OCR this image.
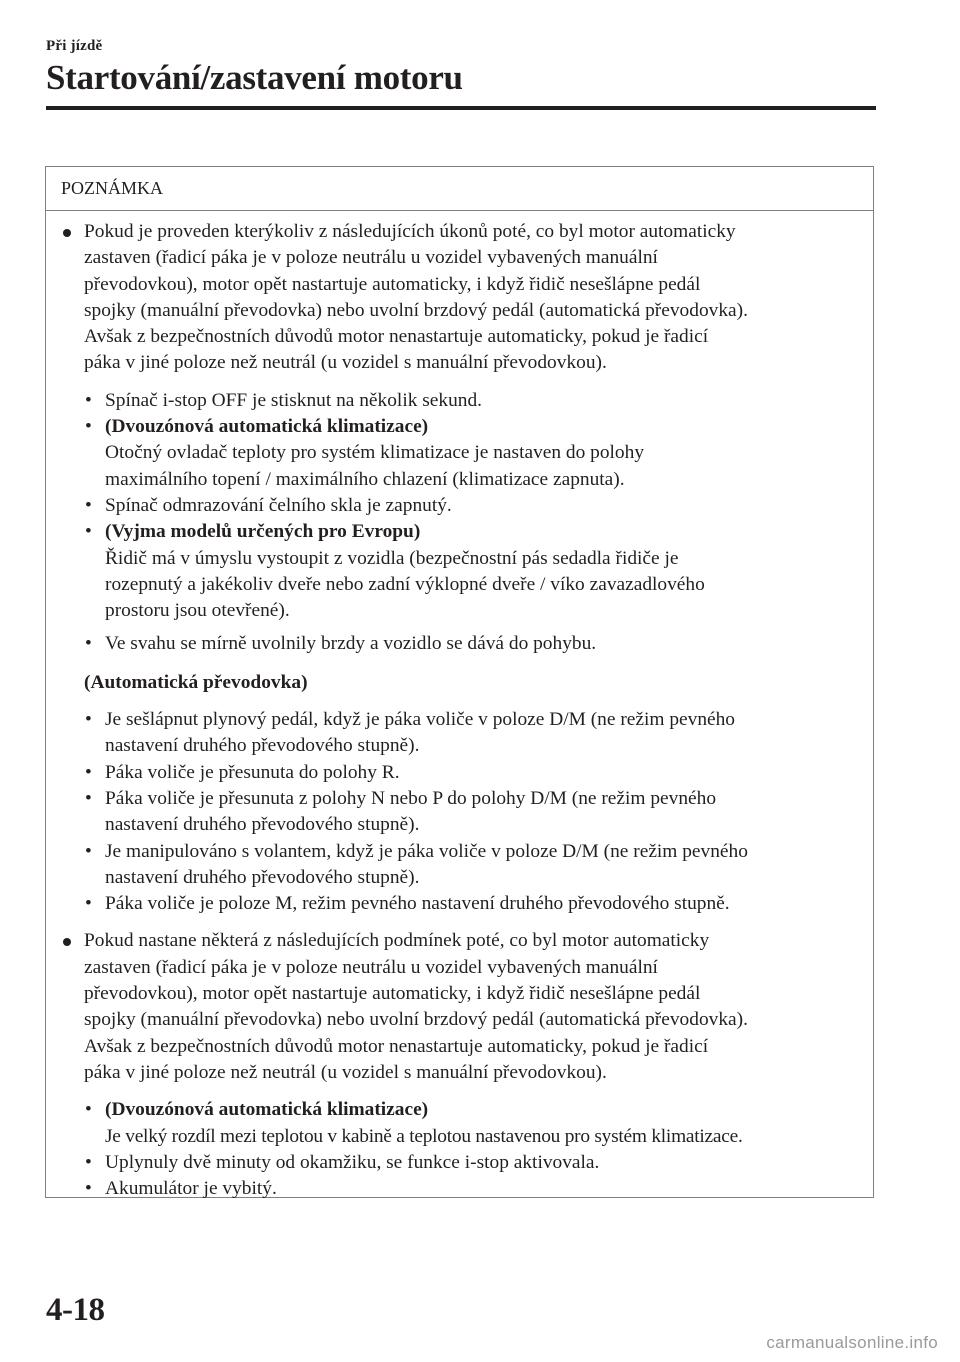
Při jízdě
Startování/zastavení motoru
POZNÁMKA
Pokud je proveden kterýkoliv z následujících úkonů poté, co byl motor automaticky
zastaven (řadicí páka je v poloze neutrálu u vozidel vybavených manuální
převodovkou), motor opět nastartuje automaticky, i když řidič nesešlápne pedál
spojky (manuální převodovka) nebo uvolní brzdový pedál (automatická převodovka).
Avšak z bezpečnostních důvodů motor nenastartuje automaticky, pokud je řadicí
páka v jiné poloze než neutrál (u vozidel s manuální převodovkou).
• Spínač i-stop OFF je stisknut na několik sekund.
• (Dvouzónová automatická klimatizace)
Otočný ovladač teploty pro systém klimatizace je nastaven do polohy
maximálního topení / maximálního chlazení (klimatizace zapnuta).
• Spínač odmrazování čelního skla je zapnutý.
• (Vyjma modelů určených pro Evropu)
Řidič má v úmyslu vystoupit z vozidla (bezpečnostní pás sedadla řidiče je
rozepnutý a jakékoliv dveře nebo zadní výklopné dveře / víko zavazadlového
prostoru jsou otevřené).
• Ve svahu se mírně uvolnily brzdy a vozidlo se dává do pohybu.
(Automatická převodovka)
• Je sešlápnut plynový pedál, když je páka voliče v poloze D/M (ne režim pevného
nastavení druhého převodového stupně).
• Páka voliče je přesunuta do polohy R.
• Páka voliče je přesunuta z polohy N nebo P do polohy D/M (ne režim pevného
nastavení druhého převodového stupně).
• Je manipulováno s volantem, když je páka voliče v poloze D/M (ne režim pevného
nastavení druhého převodového stupně).
• Páka voliče je poloze M, režim pevného nastavení druhého převodového stupně.
Pokud nastane některá z následujících podmínek poté, co byl motor automaticky
zastaven (řadicí páka je v poloze neutrálu u vozidel vybavených manuální
převodovkou), motor opět nastartuje automaticky, i když řidič nesešlápne pedál
spojky (manuální převodovka) nebo uvolní brzdový pedál (automatická převodovka).
Avšak z bezpečnostních důvodů motor nenastartuje automaticky, pokud je řadicí
páka v jiné poloze než neutrál (u vozidel s manuální převodovkou).
• (Dvouzónová automatická klimatizace)
Je velký rozdíl mezi teplotou v kabině a teplotou nastavenou pro systém klimatizace.
• Uplynuly dvě minuty od okamžiku, se funkce i-stop aktivovala.
• Akumulátor je vybitý.
4-18
carmanualsonline.info
